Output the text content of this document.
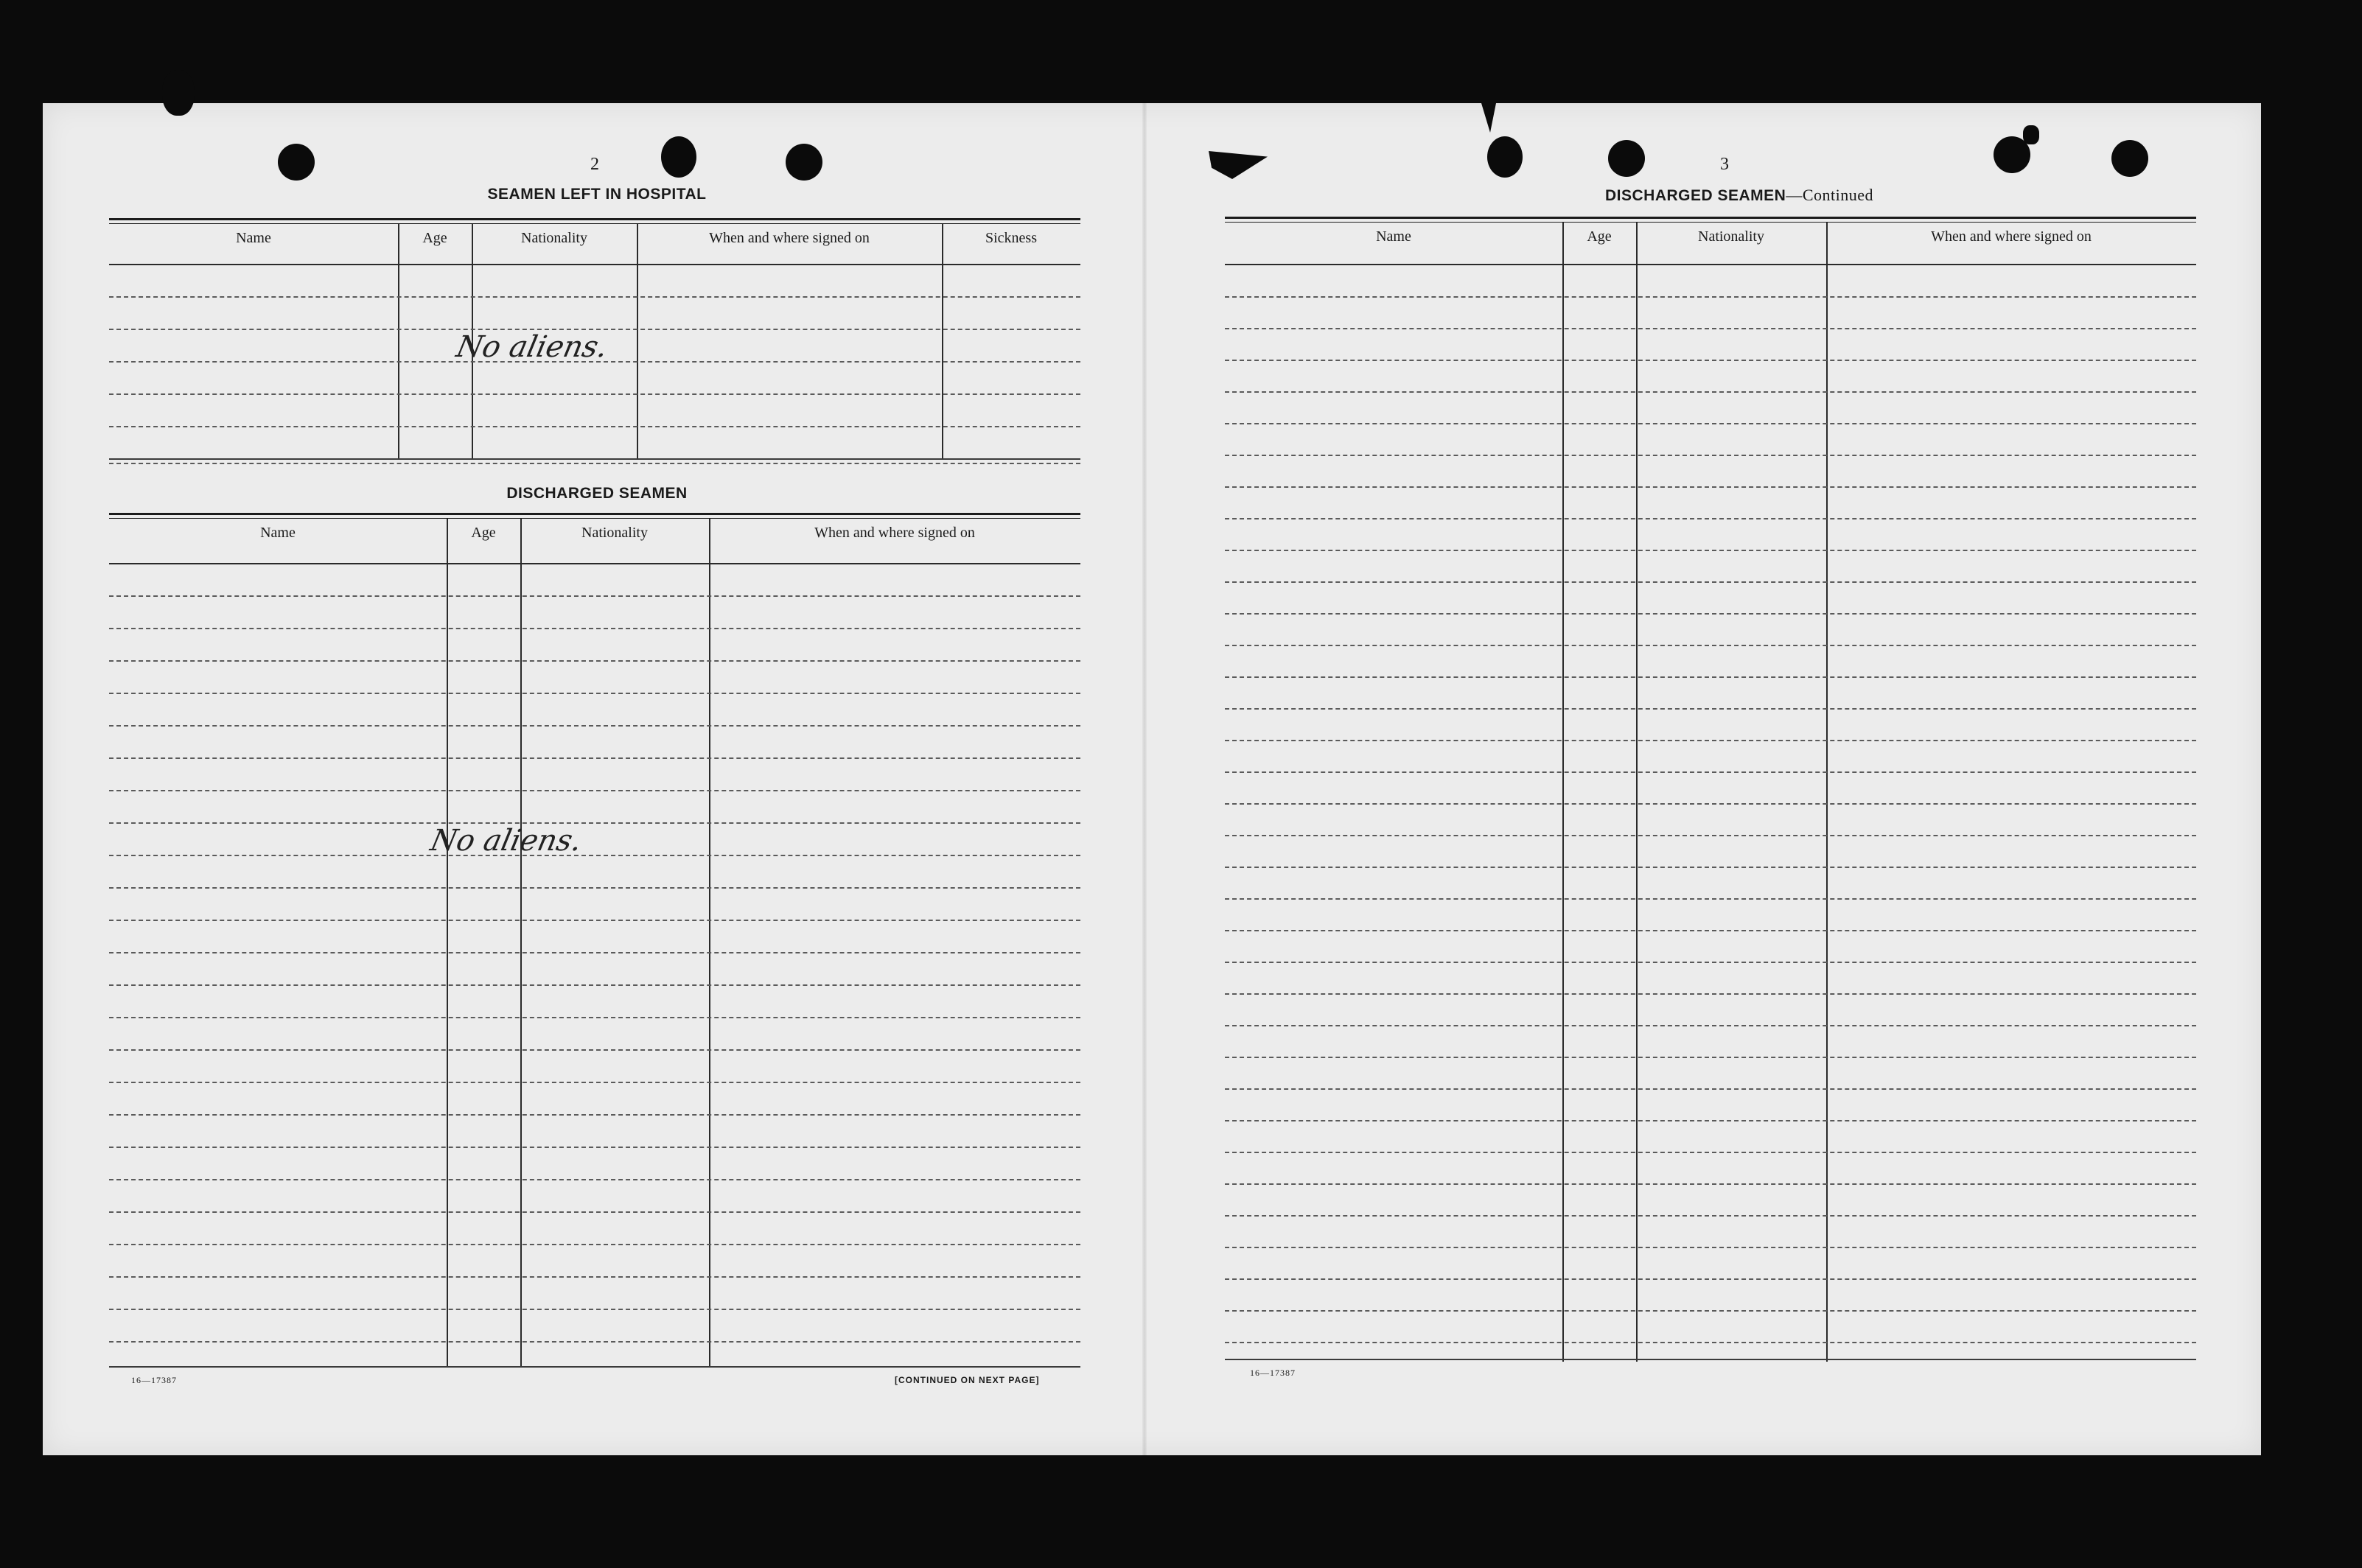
2
SEAMEN LEFT IN HOSPITAL
Name	Age	Nationality	When and where signed on	Sickness
No aliens.
DISCHARGED SEAMEN
Name	Age	Nationality	When and where signed on
No aliens.
16—17387	[CONTINUED ON NEXT PAGE]
3
DISCHARGED SEAMEN—Continued
Name	Age	Nationality	When and where signed on
16—17387
